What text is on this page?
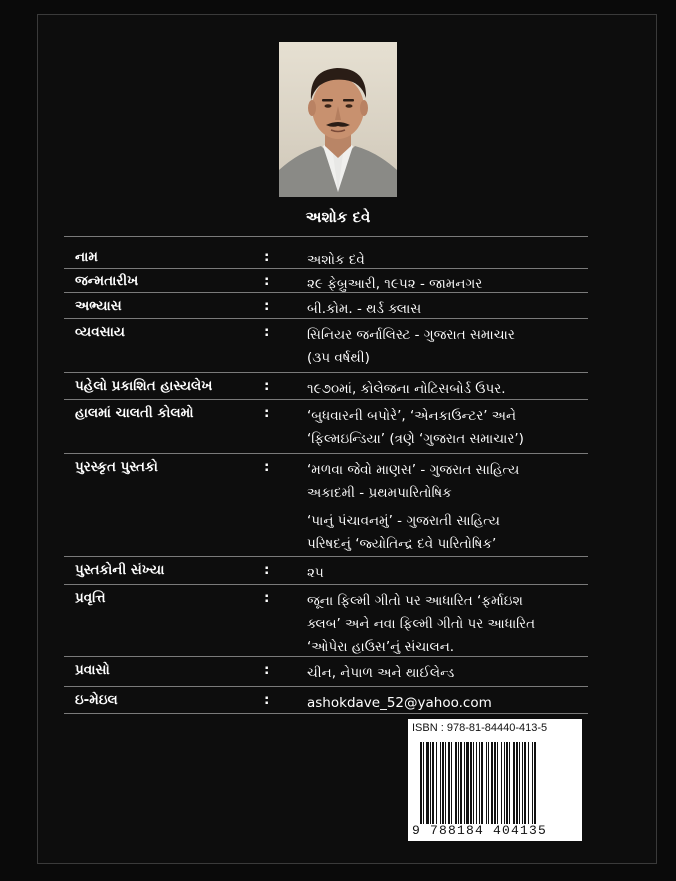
અશોક દવે
નામ	:	અશોક દવે
જન્મતારીખ	:	૨૯ ફેબ્રુઆરી, ૧૯૫૨ - જામનગર
અભ્યાસ	:	બી.કોમ. - થર્ડ ક્લાસ
વ્યવસાય	:	સિનિયર જર્નાલિસ્ટ - ગુજરાત સમાચાર
(૩૫ વર્ષથી)
પહેલો પ્રકાશિત હાસ્યલેખ	:	૧૯૭૦માં, કોલેજના નોટિસબોર્ડ ઉપર.
હાલમાં ચાલતી કોલમો	:	‘બુધવારની બપોરે’, ‘એનકાઉન્ટર’ અને
‘ફિલ્મઇન્ડિયા’ (ત્રણે ‘ગુજરાત સમાચાર’)
પુરસ્કૃત પુસ્તકો	:	‘મળવા જેવો માણસ’ - ગુજરાત સાહિત્ય
અકાદમી - પ્રથમપારિતોષિક
‘પાનું પંચાવનમું’ - ગુજરાતી સાહિત્ય
પરિષદનું ‘જ્યોતિન્દ્ર દવે પારિતોષિક’
પુસ્તકોની સંખ્યા	:	૨૫
પ્રવૃત્તિ	:	જૂના ફિલ્મી ગીતો પર આધારિત ‘ફર્માઇશ
ક્લબ’ અને નવા ફિલ્મી ગીતો પર આધારિત
‘ઓપેરા હાઉસ’નું સંચાલન.
પ્રવાસો	:	ચીન, નેપાળ અને થાઈલેન્ડ
ઇ-મેઇલ	:	ashokdave_52@yahoo.com
ISBN : 978-81-84440-413-5
9 788184 404135
